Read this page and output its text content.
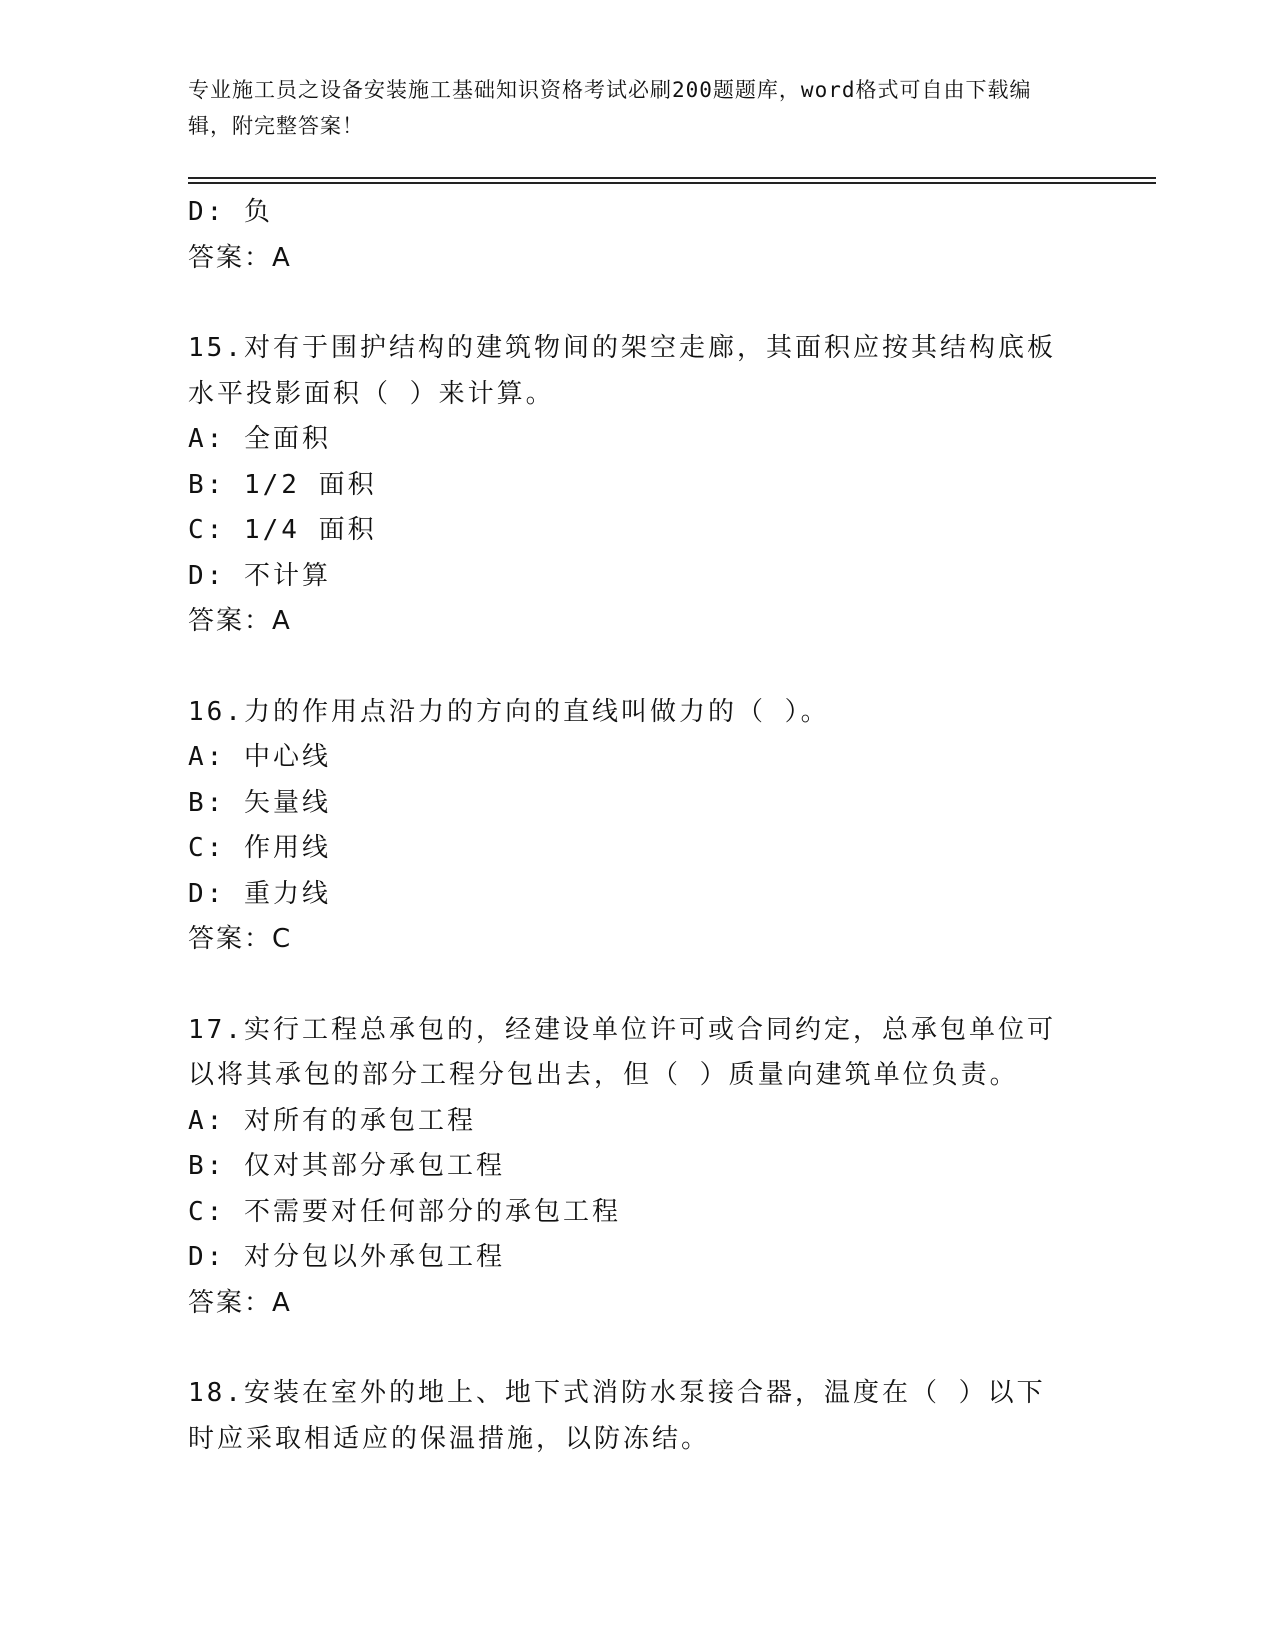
专业施工员之设备安装施工基础知识资格考试必刷200题题库，word格式可自由下载编辑，附完整答案！
D: 负
答案：A
15.对有于围护结构的建筑物间的架空走廊，其面积应按其结构底板水平投影面积（ ）来计算。
A: 全面积
B: 1/2 面积
C: 1/4 面积
D: 不计算
答案：A
16.力的作用点沿力的方向的直线叫做力的（ ）。
A: 中心线
B: 矢量线
C: 作用线
D: 重力线
答案：C
17.实行工程总承包的，经建设单位许可或合同约定，总承包单位可以将其承包的部分工程分包出去，但（ ）质量向建筑单位负责。
A: 对所有的承包工程
B: 仅对其部分承包工程
C: 不需要对任何部分的承包工程
D: 对分包以外承包工程
答案：A
18.安装在室外的地上、地下式消防水泵接合器，温度在（ ）以下时应采取相适应的保温措施，以防冻结。
